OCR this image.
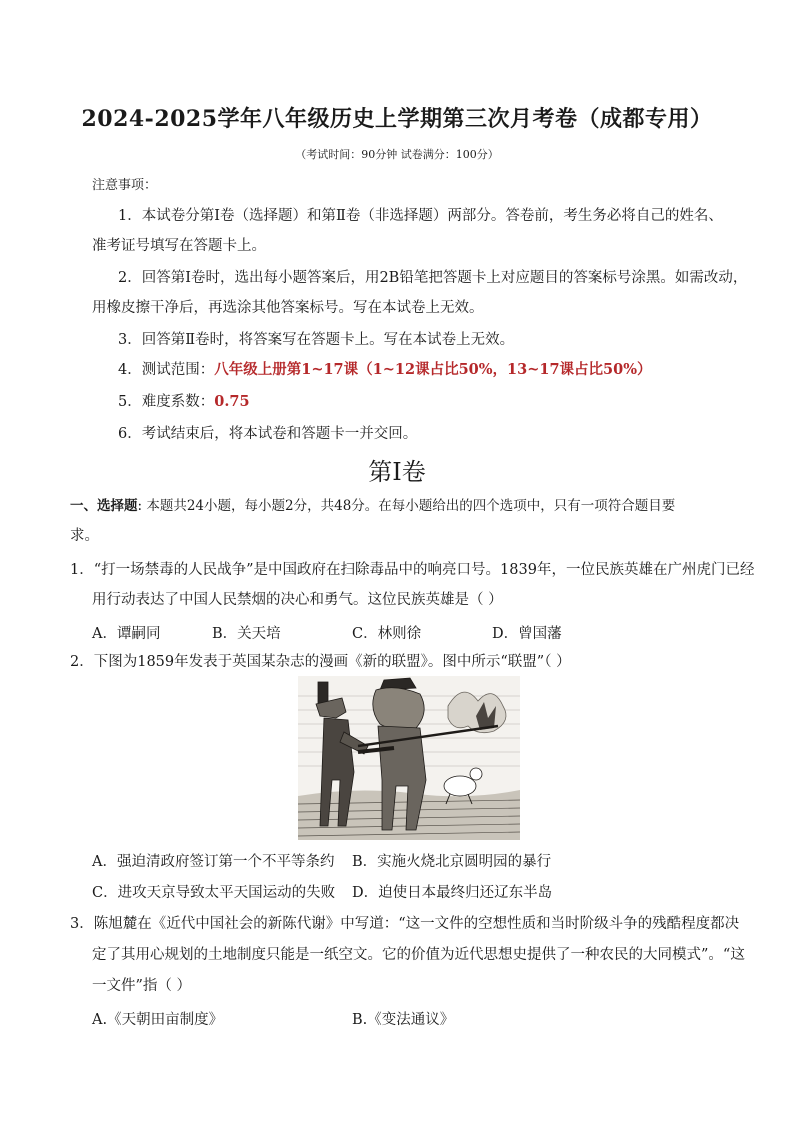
2024-2025学年八年级历史上学期第三次月考卷（成都专用）
（考试时间：90分钟 试卷满分：100分）
注意事项：
1．本试卷分第Ⅰ卷（选择题）和第Ⅱ卷（非选择题）两部分。答卷前，考生务必将自己的姓名、
准考证号填写在答题卡上。
2．回答第Ⅰ卷时，选出每小题答案后，用2B铅笔把答题卡上对应题目的答案标号涂黑。如需改动，
用橡皮擦干净后，再选涂其他答案标号。写在本试卷上无效。
3．回答第Ⅱ卷时，将答案写在答题卡上。写在本试卷上无效。
4．测试范围：八年级上册第1~17课（1~12课占比50%，13~17课占比50%）
5．难度系数：0.75
6．考试结束后，将本试卷和答题卡一并交回。
第Ⅰ卷
一、选择题: 本题共24小题，每小题2分，共48分。在每小题给出的四个选项中，只有一项符合题目要
求。
1．“打一场禁毒的人民战争”是中国政府在扫除毒品中的响亮口号。1839年，一位民族英雄在广州虎门已经
用行动表达了中国人民禁烟的决心和勇气。这位民族英雄是（ ）
A．谭嗣同	B．关天培	C．林则徐	D．曾国藩
2．下图为1859年发表于英国某杂志的漫画《新的联盟》。图中所示“联盟”（ ）
A．强迫清政府签订第一个不平等条约 B．实施火烧北京圆明园的暴行
C．进攻天京导致太平天国运动的失败 D．迫使日本最终归还辽东半岛
3．陈旭麓在《近代中国社会的新陈代谢》中写道：“这一文件的空想性质和当时阶级斗争的残酷程度都决
定了其用心规划的土地制度只能是一纸空文。它的价值为近代思想史提供了一种农民的大同模式”。“这
一文件”指（ ）
A.《天朝田亩制度》	B.《变法通议》
